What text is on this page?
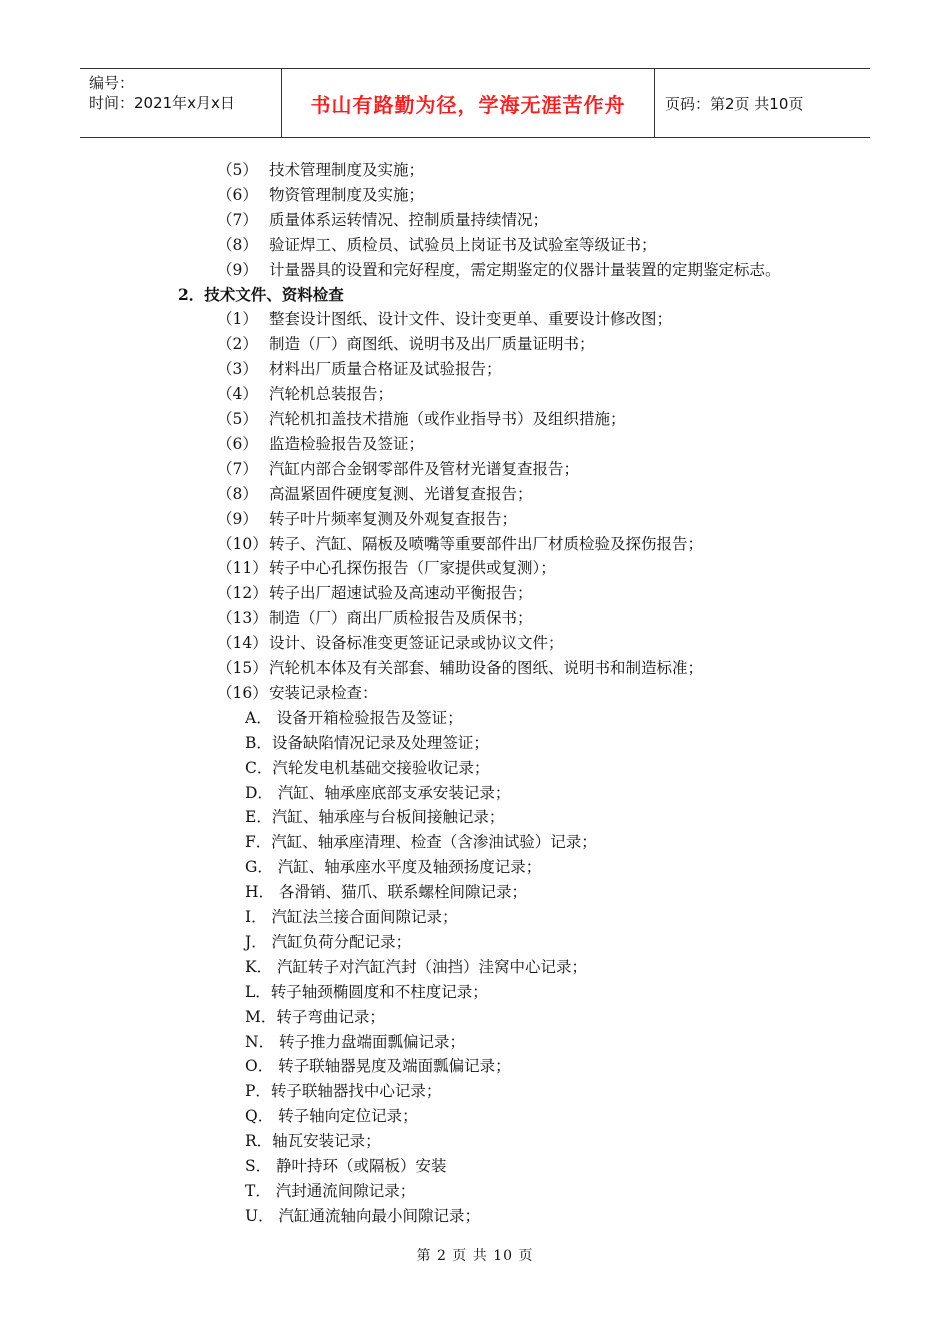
编号：
时间：2021年x月x日	书山有路勤为径，学海无涯苦作舟	页码：第2页 共10页
（5） 技术管理制度及实施；
（6） 物资管理制度及实施；
（7） 质量体系运转情况、控制质量持续情况；
（8） 验证焊工、质检员、试验员上岗证书及试验室等级证书；
（9） 计量器具的设置和完好程度，需定期鉴定的仪器计量装置的定期鉴定标志。
2．技术文件、资料检查
（1） 整套设计图纸、设计文件、设计变更单、重要设计修改图；
（2） 制造（厂）商图纸、说明书及出厂质量证明书；
（3） 材料出厂质量合格证及试验报告；
（4） 汽轮机总装报告；
（5） 汽轮机扣盖技术措施（或作业指导书）及组织措施；
（6） 监造检验报告及签证；
（7） 汽缸内部合金钢零部件及管材光谱复查报告；
（8） 高温紧固件硬度复测、光谱复查报告；
（9） 转子叶片频率复测及外观复查报告；
（10） 转子、汽缸、隔板及喷嘴等重要部件出厂材质检验及探伤报告；
（11） 转子中心孔探伤报告（厂家提供或复测）；
（12） 转子出厂超速试验及高速动平衡报告；
（13） 制造（厂）商出厂质检报告及质保书；
（14） 设计、设备标准变更签证记录或协议文件；
（15） 汽轮机本体及有关部套、辅助设备的图纸、说明书和制造标准；
（16） 安装记录检查：
A． 设备开箱检验报告及签证；
B．设备缺陷情况记录及处理签证；
C．汽轮发电机基础交接验收记录；
D． 汽缸、轴承座底部支承安装记录；
E．汽缸、轴承座与台板间接触记录；
F．汽缸、轴承座清理、检查（含渗油试验）记录；
G． 汽缸、轴承座水平度及轴颈扬度记录；
H． 各滑销、猫爪、联系螺栓间隙记录；
I． 汽缸法兰接合面间隙记录；
J． 汽缸负荷分配记录；
K． 汽缸转子对汽缸汽封（油挡）洼窝中心记录；
L．转子轴颈椭圆度和不柱度记录；
M．转子弯曲记录；
N． 转子推力盘端面瓢偏记录；
O． 转子联轴器晃度及端面瓢偏记录；
P．转子联轴器找中心记录；
Q． 转子轴向定位记录；
R．轴瓦安装记录；
S． 静叶持环（或隔板）安装
T． 汽封通流间隙记录；
U． 汽缸通流轴向最小间隙记录；
第 2 页 共 10 页
